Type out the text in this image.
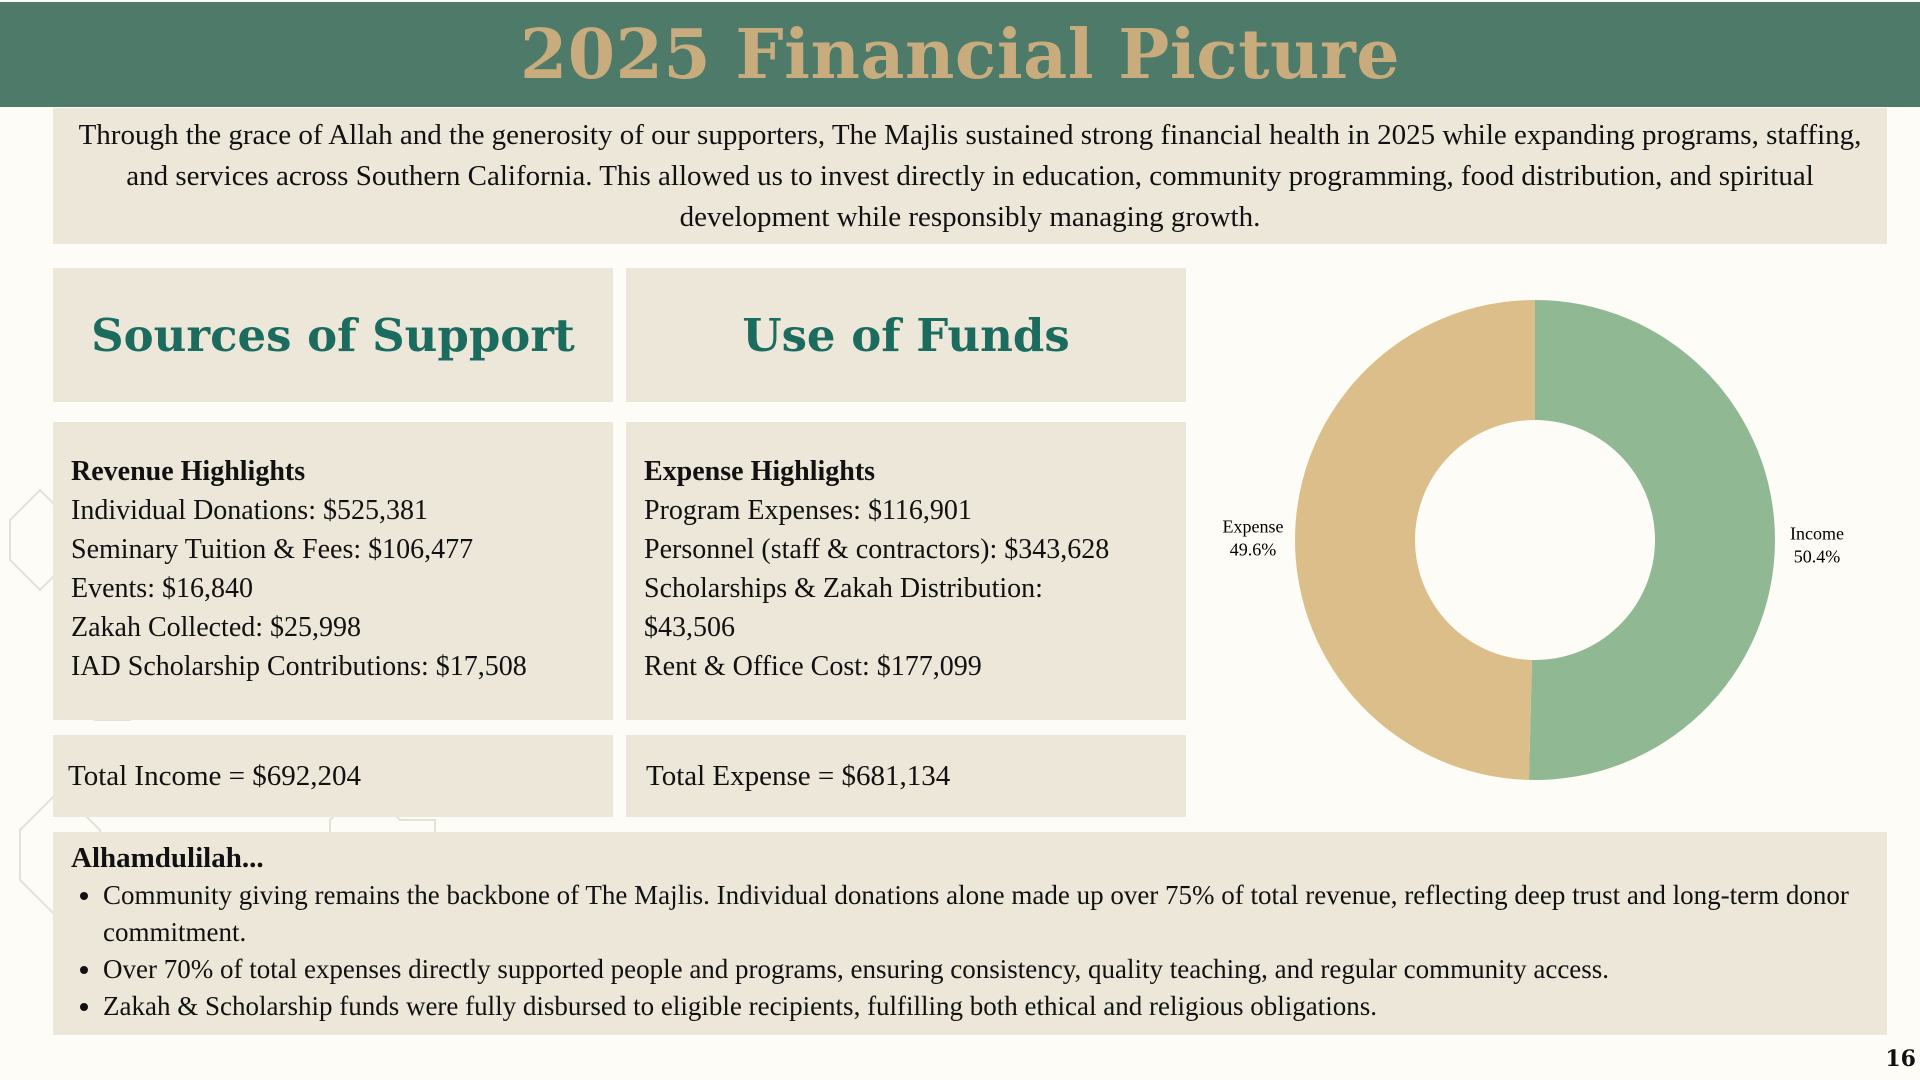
2025 Financial Picture
Through the grace of Allah and the generosity of our supporters, The Majlis sustained strong financial health in 2025 while expanding programs, staffing, and services across Southern California. This allowed us to invest directly in education, community programming, food distribution, and spiritual development while responsibly managing growth.
Sources of Support	Use of Funds
Revenue Highlights
Individual Donations: $525,381
Seminary Tuition & Fees: $106,477
Events: $16,840
Zakah Collected: $25,998
IAD Scholarship Contributions: $17,508
Expense Highlights
Program Expenses: $116,901
Personnel (staff & contractors): $343,628
Scholarships & Zakah Distribution:
$43,506
Rent & Office Cost: $177,099
Total Income = $692,204	Total Expense = $681,134
Income
50.4%
Expense
49.6%
Alhamdulilah...
• Community giving remains the backbone of The Majlis. Individual donations alone made up over 75% of total revenue, reflecting deep trust and long-term donor commitment.
• Over 70% of total expenses directly supported people and programs, ensuring consistency, quality teaching, and regular community access.
• Zakah & Scholarship funds were fully disbursed to eligible recipients, fulfilling both ethical and religious obligations.
16
